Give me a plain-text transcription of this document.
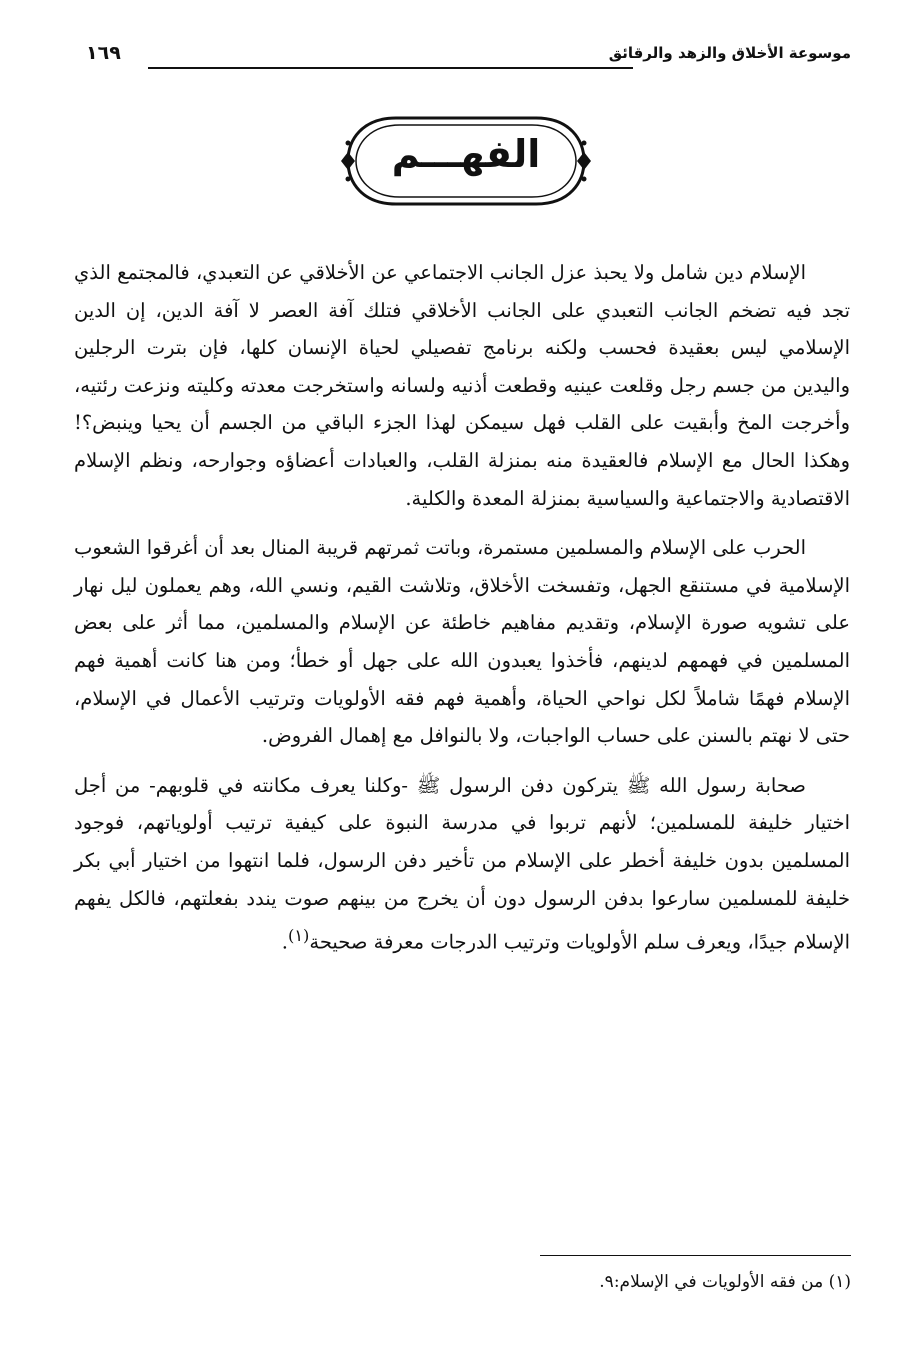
موسوعة الأخلاق والزهد والرقائق
١٦٩
الفهـــم

الإسلام دين شامل ولا يحبذ عزل الجانب الاجتماعي عن الأخلاقي عن التعبدي، فالمجتمع الذي تجد فيه تضخم الجانب التعبدي على الجانب الأخلاقي فتلك آفة العصر لا آفة الدين، إن الدين الإسلامي ليس بعقيدة فحسب ولكنه برنامج تفصيلي لحياة الإنسان كلها، فإن بترت الرجلين واليدين من جسم رجل وقلعت عينيه وقطعت أذنيه ولسانه واستخرجت معدته وكليته ونزعت رئتيه، وأخرجت المخ وأبقيت على القلب فهل سيمكن لهذا الجزء الباقي من الجسم أن يحيا وينبض؟! وهكذا الحال مع الإسلام فالعقيدة منه بمنزلة القلب، والعبادات أعضاؤه وجوارحه، ونظم الإسلام الاقتصادية والاجتماعية والسياسية بمنزلة المعدة والكلية.

الحرب على الإسلام والمسلمين مستمرة، وباتت ثمرتهم قريبة المنال بعد أن أغرقوا الشعوب الإسلامية في مستنقع الجهل، وتفسخت الأخلاق، وتلاشت القيم، ونسي الله، وهم يعملون ليل نهار على تشويه صورة الإسلام، وتقديم مفاهيم خاطئة عن الإسلام والمسلمين، مما أثر على بعض المسلمين في فهمهم لدينهم، فأخذوا يعبدون الله على جهل أو خطأ؛ ومن هنا كانت أهمية فهم الإسلام فهمًا شاملاً لكل نواحي الحياة، وأهمية فهم فقه الأولويات وترتيب الأعمال في الإسلام، حتى لا نهتم بالسنن على حساب الواجبات، ولا بالنوافل مع إهمال الفروض.

صحابة رسول الله ﷺ يتركون دفن الرسول ﷺ -وكلنا يعرف مكانته في قلوبهم- من أجل اختيار خليفة للمسلمين؛ لأنهم تربوا في مدرسة النبوة على كيفية ترتيب أولوياتهم، فوجود المسلمين بدون خليفة أخطر على الإسلام من تأخير دفن الرسول، فلما انتهوا من اختيار أبي بكر خليفة للمسلمين سارعوا بدفن الرسول دون أن يخرج من بينهم صوت يندد بفعلتهم، فالكل يفهم الإسلام جيدًا، ويعرف سلم الأولويات وترتيب الدرجات معرفة صحيحة$^{(١)}$.

(١) من فقه الأولويات في الإسلام:٩.
